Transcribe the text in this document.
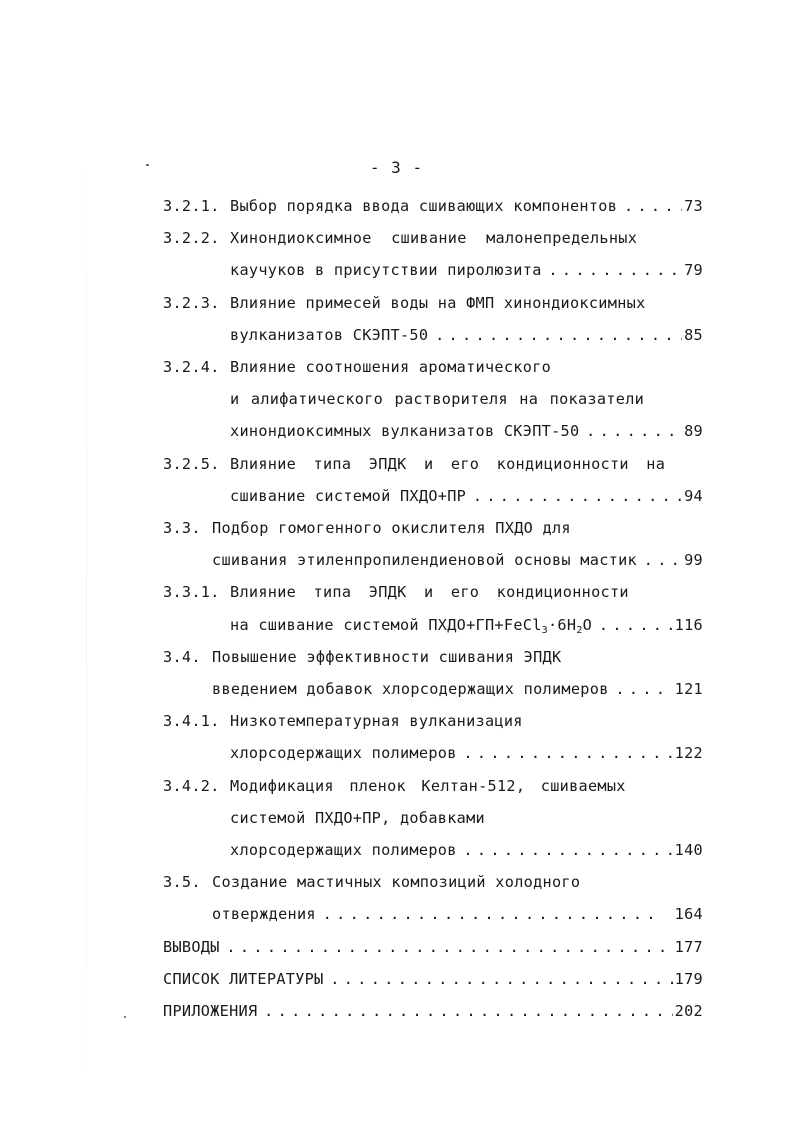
- 3 -
3.2.1. Выбор порядка ввода сшивающих компонентов . . .	73
3.2.2. Хинондиоксимное сшивание малонепредельных
каучуков в присутствии пиролюзита . . .	79
3.2.3. Влияние примесей воды на ФМП хинондиоксимных
вулканизатов СКЭПТ-50 . . .	85
3.2.4. Влияние соотношения ароматического
и алифатического растворителя на показатели
хинондиоксимных вулканизатов СКЭПТ-50 . . .	89
3.2.5. Влияние типа ЭПДК и его кондиционности на
сшивание системой ПХДО+ПР . . .	94
3.3. Подбор гомогенного окислителя ПХДО для
сшивания этиленпропилендиеновой основы мастик . . .	99
3.3.1. Влияние типа ЭПДК и его кондиционности
на сшивание системой $ПХДО+ГП+FeCl_3\cdot 6H_2O$ . . .	116
3.4. Повышение эффективности сшивания ЭПДК
введением добавок хлорсодержащих полимеров . . .	121
3.4.1. Низкотемпературная вулканизация
хлорсодержащих полимеров . . .	122
3.4.2. Модификация пленок Келтан-512, сшиваемых
системой ПХДО+ПР, добавками
хлорсодержащих полимеров . . .	140
3.5. Создание мастичных композиций холодного
отверждения . . .	164
ВЫВОДЫ . . .	177
СПИСОК ЛИТЕРАТУРЫ . . .	179
ПРИЛОЖЕНИЯ . . .	202
